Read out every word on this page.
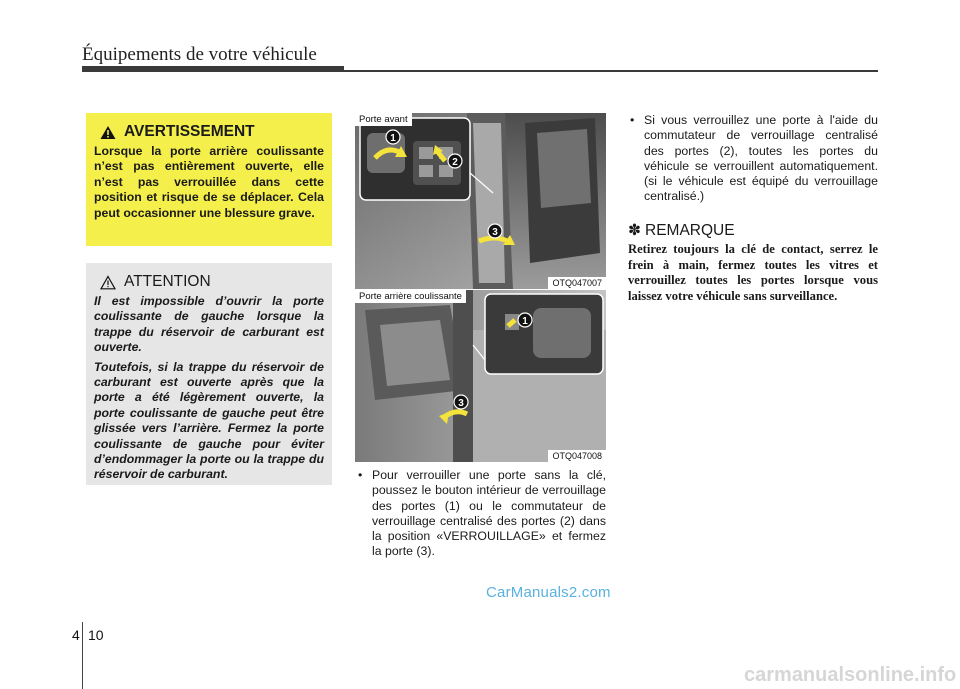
Équipements de votre véhicule
AVERTISSEMENT
Lorsque la porte arrière coulissante n’est pas entièrement ouverte, elle n’est pas verrouillée dans cette position et risque de se déplacer. Cela peut occasionner une blessure grave.
ATTENTION

Il est impossible d’ouvrir la porte coulissante de gauche lorsque la trappe du réservoir de carburant est ouverte.

Toutefois, si la trappe du réservoir de carburant est ouverte après que la porte a été légèrement ouverte, la porte coulissante de gauche peut être glissée vers l’arrière. Fermez la porte coulissante de gauche pour éviter d’endommager la porte ou la trappe du réservoir de carburant.

1
2
3
Porte avant
OTQ047007
1
3
Porte arrière coulissante
OTQ047008
• Pour verrouiller une porte sans la clé, poussez le bouton intérieur de verrouillage des portes (1) ou le commutateur de verrouillage centralisé des portes (2) dans la position «VERROUILLAGE» et fermez la porte (3).
• Si vous verrouillez une porte à l'aide du commutateur de verrouillage centralisé des portes (2), toutes les portes du véhicule se verrouillent automatiquement. (si le véhicule est équipé du verrouillage centralisé.)
✽ REMARQUE
Retirez toujours la clé de contact, serrez le frein à main, fermez toutes les vitres et verrouillez toutes les portes lorsque vous laissez votre véhicule sans surveillance.
CarManuals2.com
4 10
carmanualsonline.info
